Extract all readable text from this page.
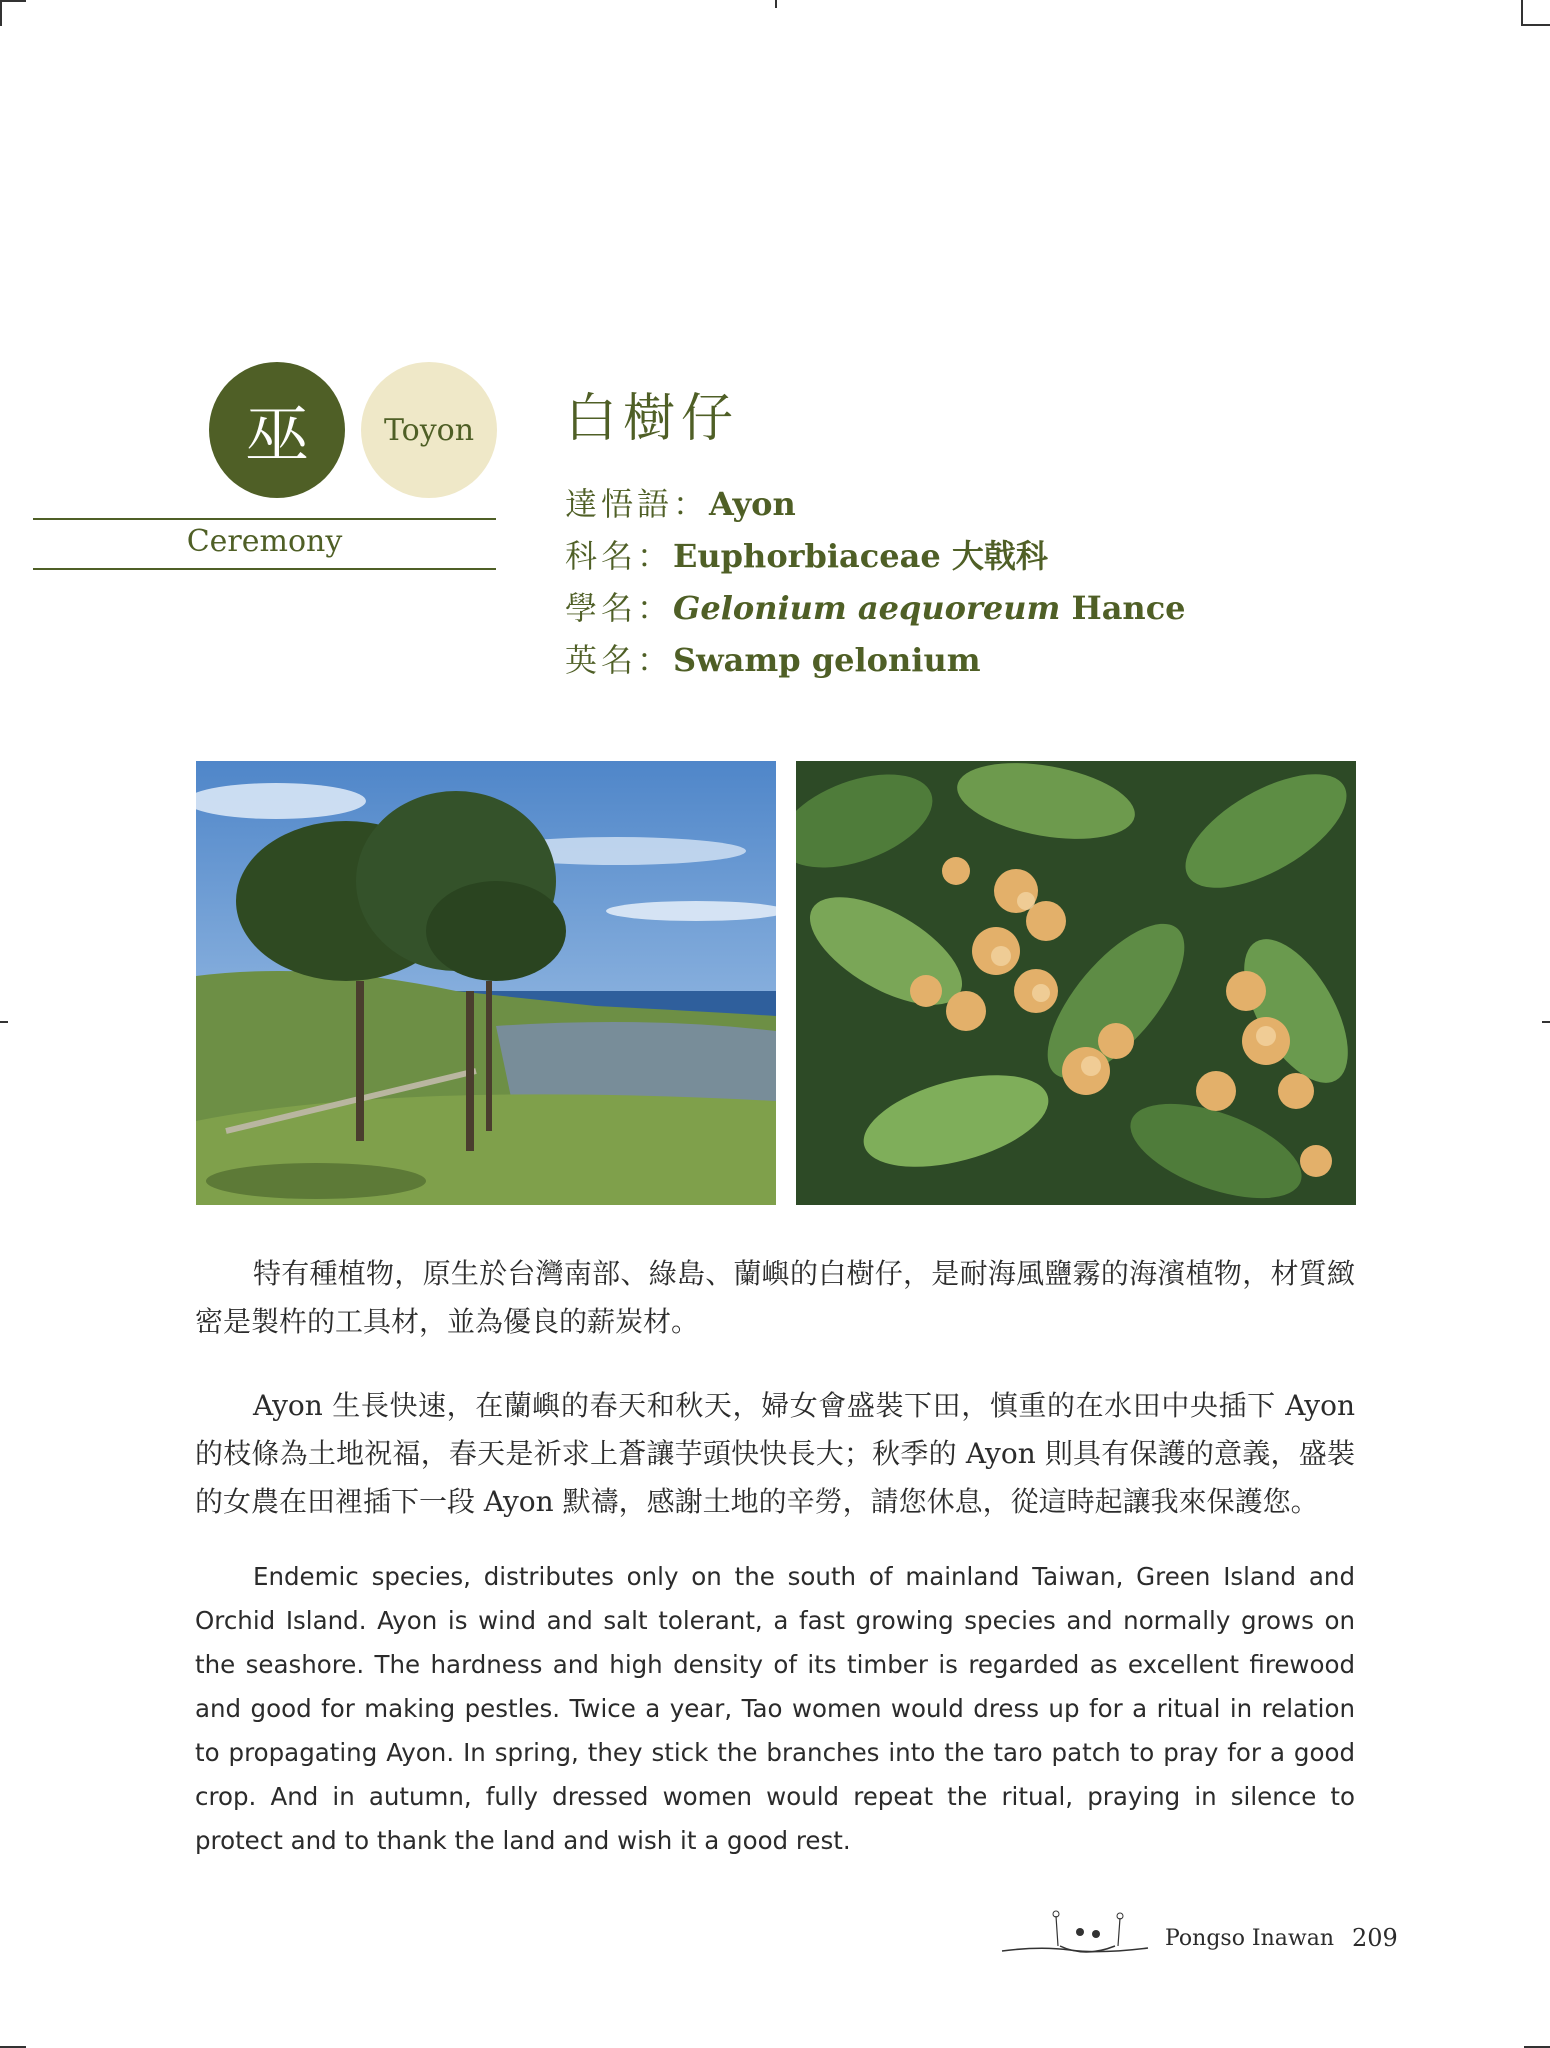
巫 Toyon
Ceremony
白樹仔
達悟語：Ayon
科名：Euphorbiaceae 大戟科
學名：Gelonium aequoreum Hance
英名：Swamp gelonium

特有種植物，原生於台灣南部、綠島、蘭嶼的白樹仔，是耐海風鹽霧的海濱植物，材質緻密是製杵的工具材，並為優良的薪炭材。

Ayon 生長快速，在蘭嶼的春天和秋天，婦女會盛裝下田，慎重的在水田中央插下 Ayon 的枝條為土地祝福，春天是祈求上蒼讓芋頭快快長大；秋季的 Ayon 則具有保護的意義，盛裝的女農在田裡插下一段 Ayon 默禱，感謝土地的辛勞，請您休息，從這時起讓我來保護您。

Endemic species, distributes only on the south of mainland Taiwan, Green Island and Orchid Island. Ayon is wind and salt tolerant, a fast growing species and normally grows on the seashore. The hardness and high density of its timber is regarded as excellent firewood and good for making pestles. Twice a year, Tao women would dress up for a ritual in relation to propagating Ayon. In spring, they stick the branches into the taro patch to pray for a good crop. And in autumn, fully dressed women would repeat the ritual, praying in silence to protect and to thank the land and wish it a good rest.

Pongso Inawan 209
